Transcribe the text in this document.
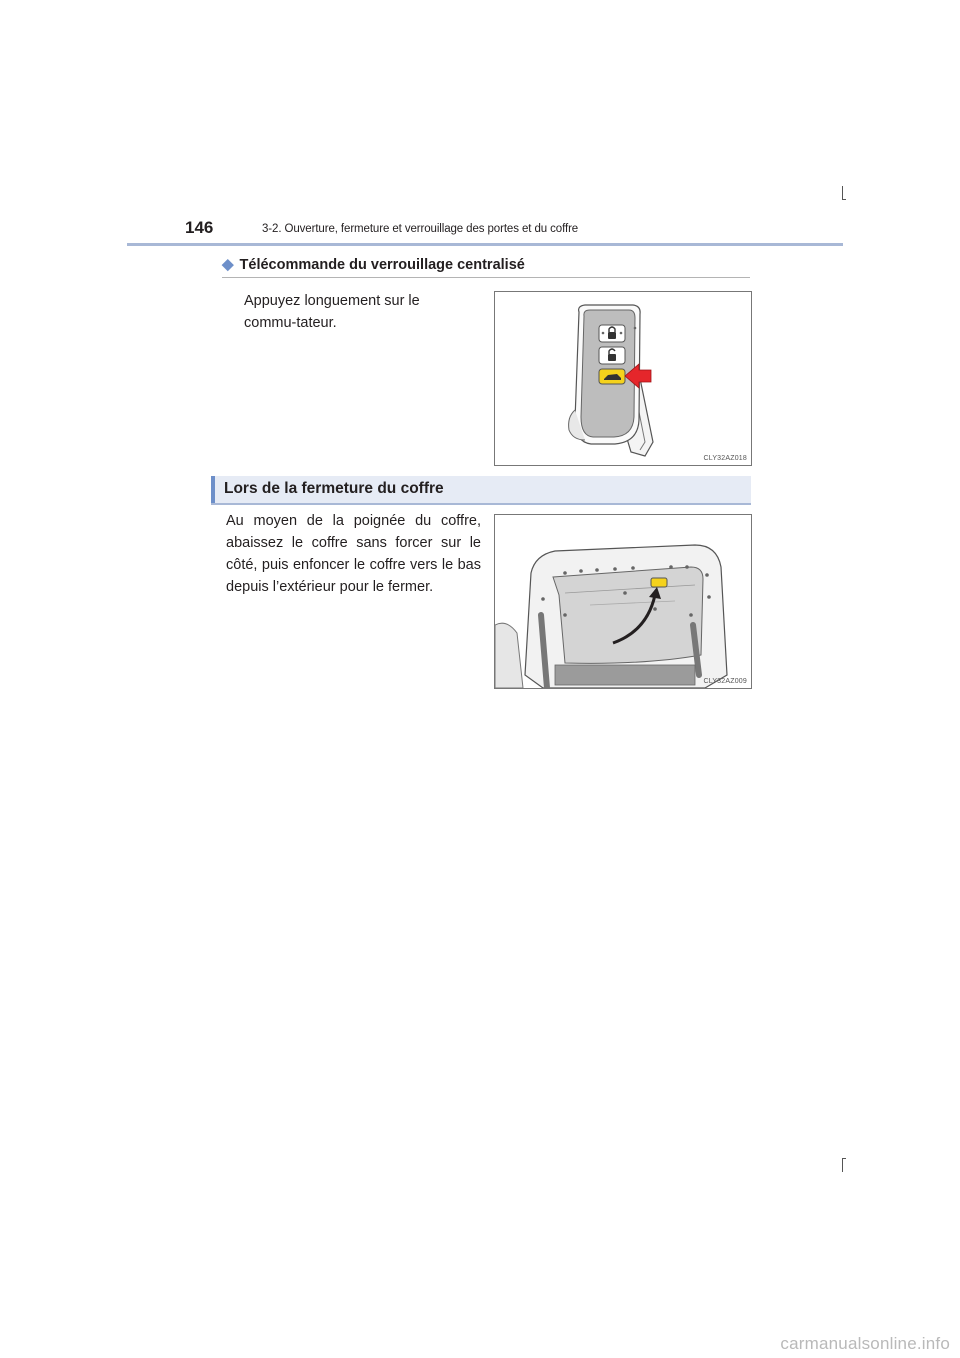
146	3-2. Ouverture, fermeture et verrouillage des portes et du coffre
◆ Télécommande du verrouillage centralisé
Appuyez longuement sur le commu-tateur.
CLY32AZ018
Lors de la fermeture du coffre
Au moyen de la poignée du coffre, abaissez le coffre sans forcer sur le côté, puis enfoncer le coffre vers le bas depuis l’extérieur pour le fermer.
CLY32AZ009
carmanualsonline.info
